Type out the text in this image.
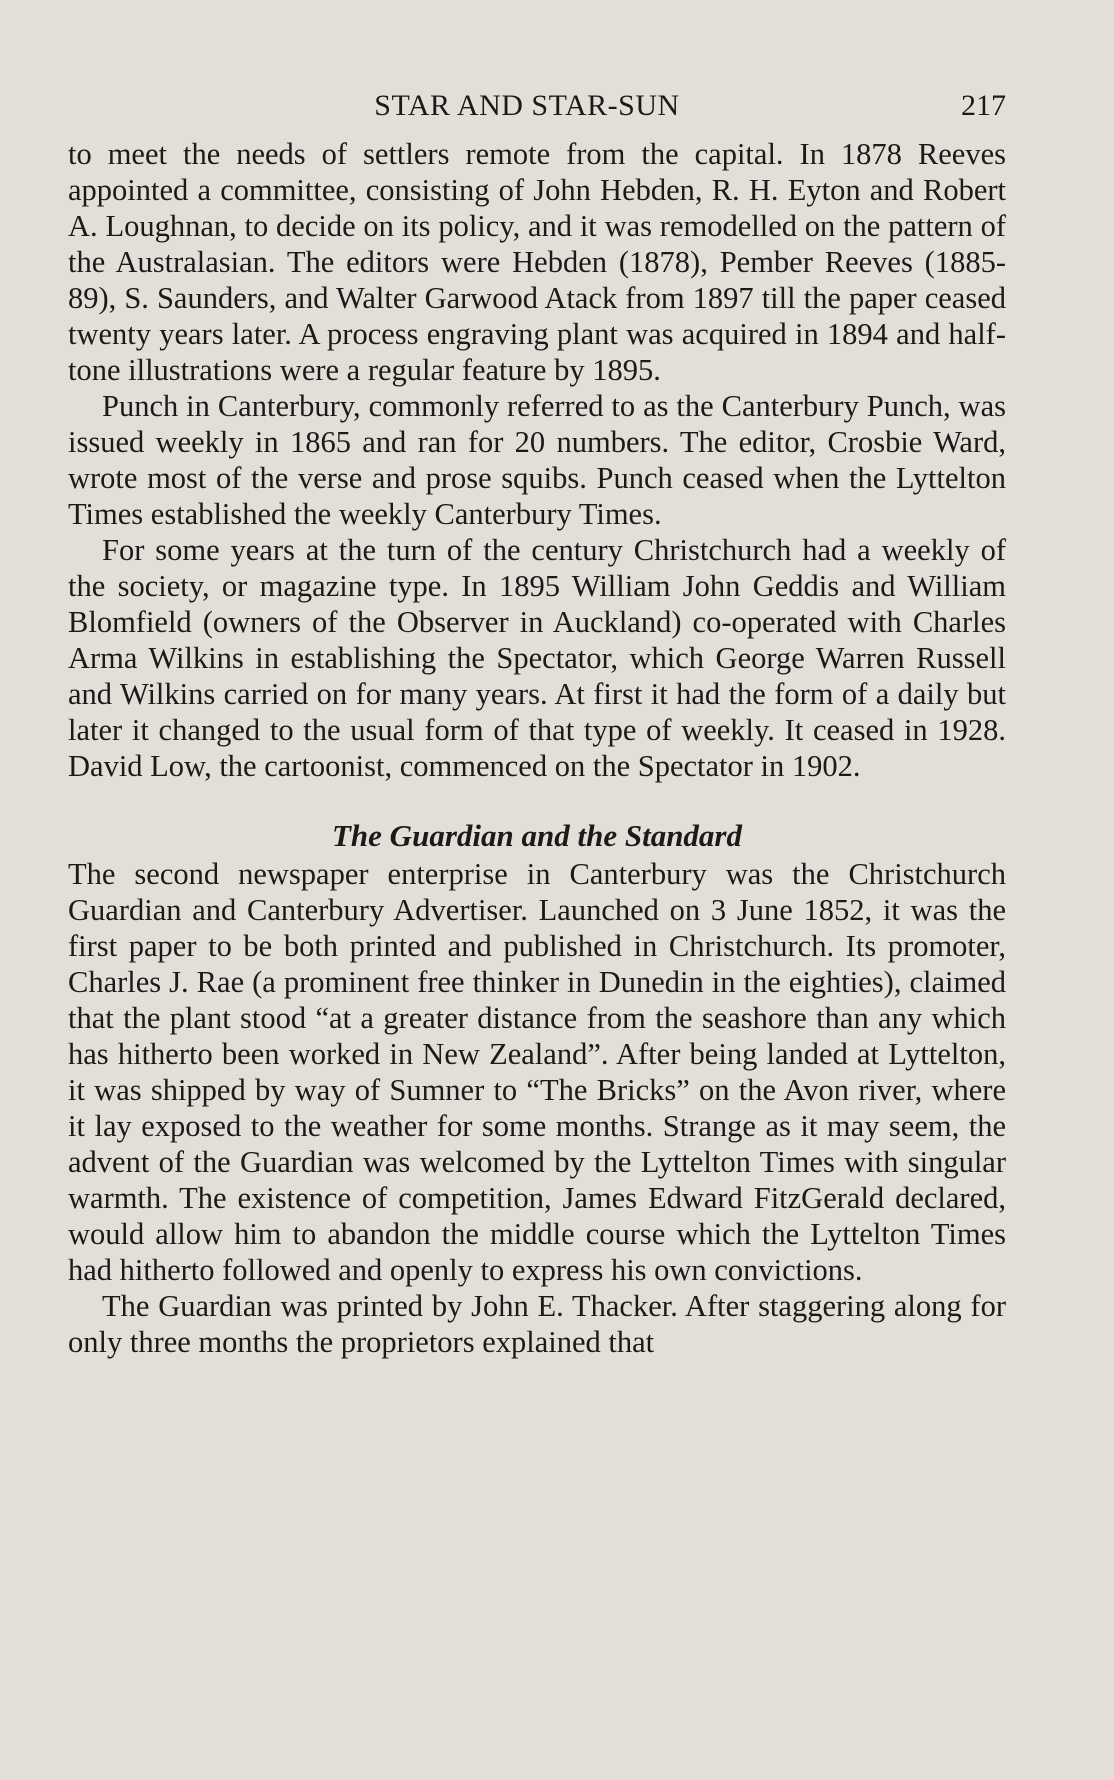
STAR AND STAR-SUN	217

to meet the needs of settlers remote from the capital. In 1878 Reeves appointed a committee, consisting of John Hebden, R. H. Eyton and Robert A. Loughnan, to decide on its policy, and it was remodelled on the pattern of the Australasian. The editors were Hebden (1878), Pember Reeves (1885-89), S. Saunders, and Walter Garwood Atack from 1897 till the paper ceased twenty years later. A process engraving plant was acquired in 1894 and half-tone illustrations were a regular feature by 1895.

Punch in Canterbury, commonly referred to as the Canterbury Punch, was issued weekly in 1865 and ran for 20 numbers. The editor, Crosbie Ward, wrote most of the verse and prose squibs. Punch ceased when the Lyttelton Times established the weekly Canterbury Times.

For some years at the turn of the century Christchurch had a weekly of the society, or magazine type. In 1895 William John Geddis and William Blomfield (owners of the Observer in Auckland) co-operated with Charles Arma Wilkins in establishing the Spectator, which George Warren Russell and Wilkins carried on for many years. At first it had the form of a daily but later it changed to the usual form of that type of weekly. It ceased in 1928. David Low, the cartoonist, commenced on the Spectator in 1902.

The Guardian and the Standard

The second newspaper enterprise in Canterbury was the Christchurch Guardian and Canterbury Advertiser. Launched on 3 June 1852, it was the first paper to be both printed and published in Christchurch. Its promoter, Charles J. Rae (a prominent free thinker in Dunedin in the eighties), claimed that the plant stood “at a greater distance from the seashore than any which has hitherto been worked in New Zealand”. After being landed at Lyttelton, it was shipped by way of Sumner to “The Bricks” on the Avon river, where it lay exposed to the weather for some months. Strange as it may seem, the advent of the Guardian was welcomed by the Lyttelton Times with singular warmth. The existence of competition, James Edward FitzGerald declared, would allow him to abandon the middle course which the Lyttelton Times had hitherto followed and openly to express his own convictions.

The Guardian was printed by John E. Thacker. After staggering along for only three months the proprietors explained that
